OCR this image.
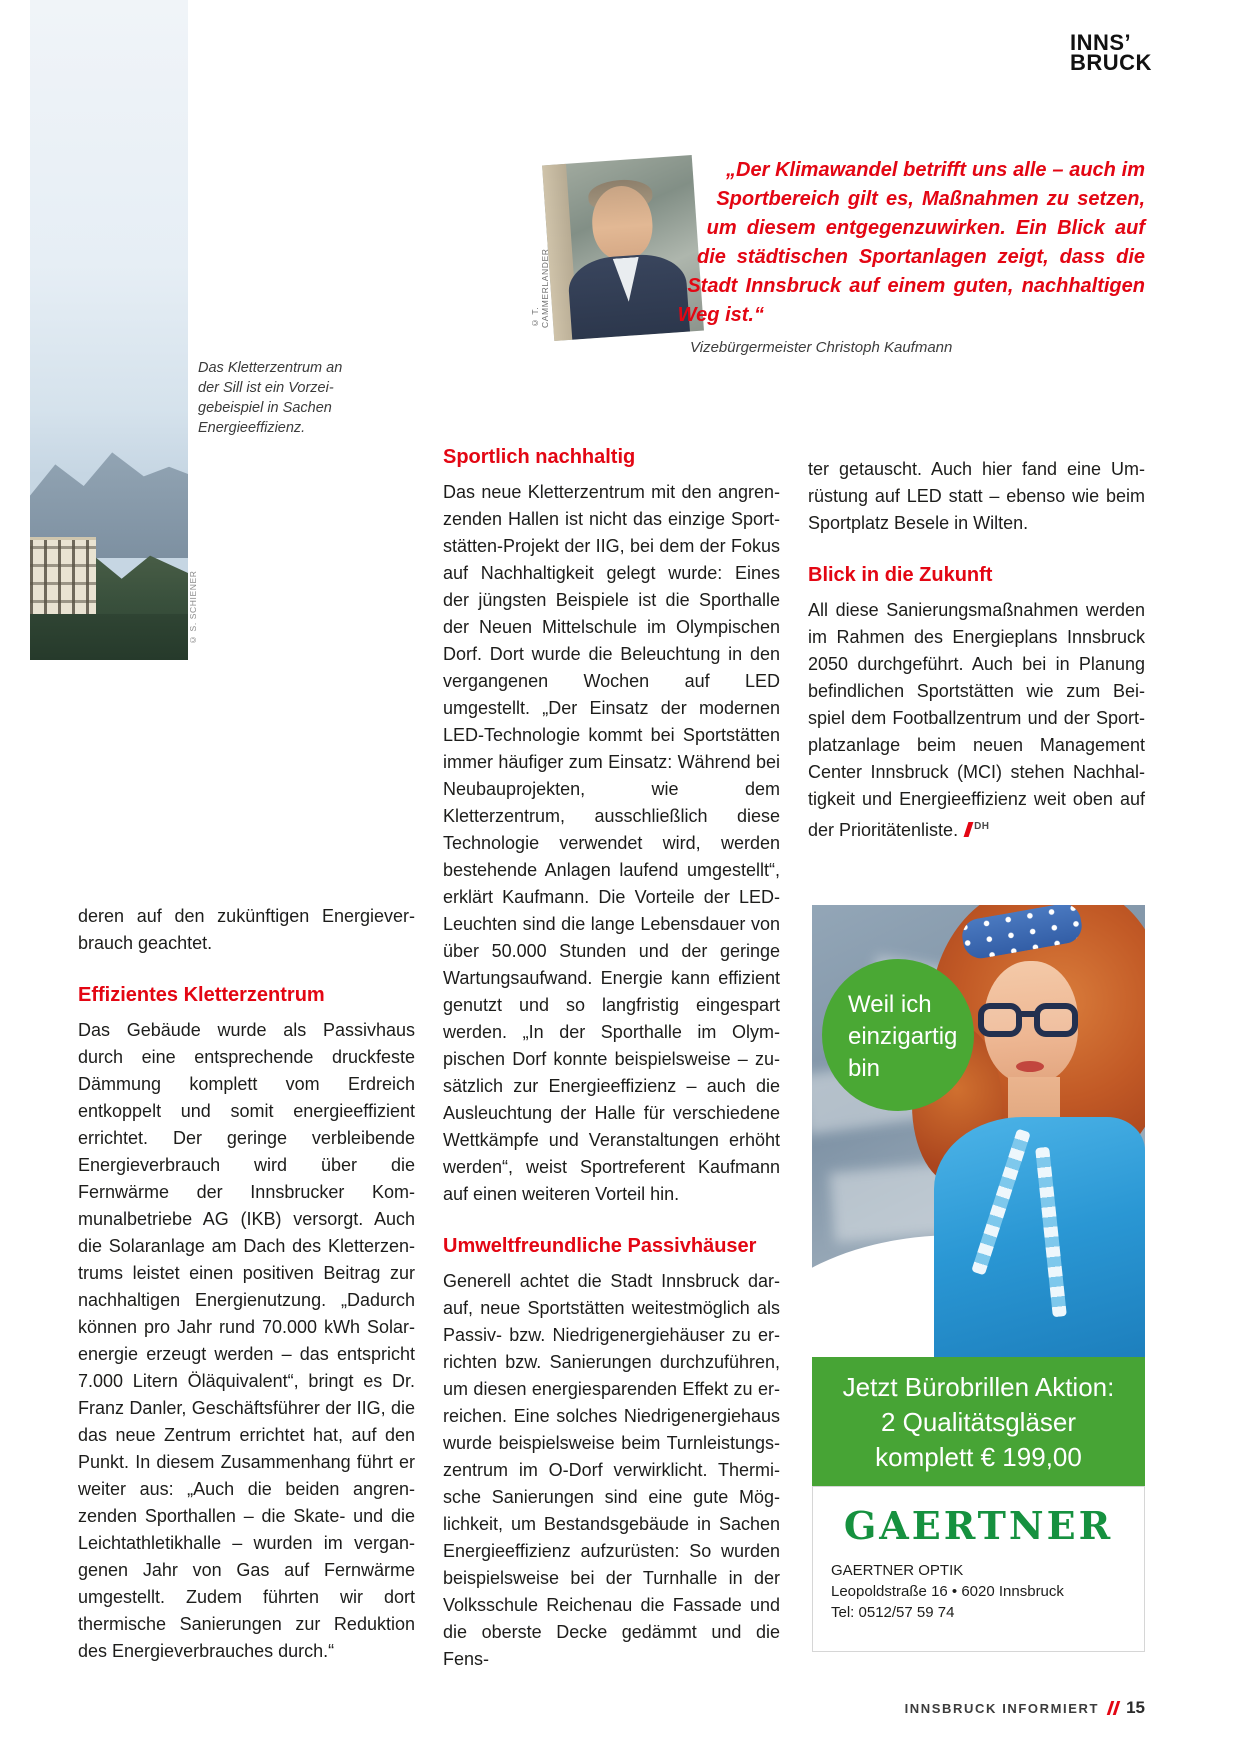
© S. SCHIENER
INNS’
BRUCK
© T. CAMMERLANDER
„Der Klimawandel betrifft uns alle – auch im Sportbereich gilt es, Maßnahmen zu setzen, um diesem entgegenzuwirken. Ein Blick auf die städtischen Sportanlagen zeigt, dass die Stadt Innsbruck auf einem guten, nachhaltigen Weg ist.“
Vizebürgermeister Christoph Kaufmann
Das Kletterzentrum an der Sill ist ein Vorzeigebeispiel in Sachen Energieeffizienz.

deren auf den zukünftigen Energieverbrauch geachtet.

Effizientes Kletterzentrum

Das Gebäude wurde als Passivhaus durch eine entsprechende druckfeste Dämmung komplett vom Erdreich entkoppelt und somit energieeffizient errichtet. Der geringe verbleibende Energieverbrauch wird über die Fernwärme der Innsbrucker Kommunalbetriebe AG (IKB) versorgt. Auch die Solaranlage am Dach des Kletterzentrums leistet einen positiven Beitrag zur nachhaltigen Energienutzung. „Dadurch können pro Jahr rund 70.000 kWh Solarenergie erzeugt werden – das entspricht 7.000 Litern Öläquivalent“, bringt es Dr. Franz Danler, Geschäftsführer der IIG, die das neue Zentrum errichtet hat, auf den Punkt. In diesem Zusammenhang führt er weiter aus: „Auch die beiden angrenzenden Sporthallen – die Skate- und die Leichtathletikhalle – wurden im vergangenen Jahr von Gas auf Fernwärme umgestellt. Zudem führten wir dort thermische Sanierungen zur Reduktion des Energieverbrauches durch.“

Sportlich nachhaltig

Das neue Kletterzentrum mit den angrenzenden Hallen ist nicht das einzige Sportstätten-Projekt der IIG, bei dem der Fokus auf Nachhaltigkeit gelegt wurde: Eines der jüngsten Beispiele ist die Sporthalle der Neuen Mittelschule im Olympischen Dorf. Dort wurde die Beleuchtung in den vergangenen Wochen auf LED umgestellt. „Der Einsatz der modernen LED-Technologie kommt bei Sportstätten immer häufiger zum Einsatz: Während bei Neubauprojekten, wie dem Kletterzentrum, ausschließlich diese Technologie verwendet wird, werden bestehende Anlagen laufend umgestellt“, erklärt Kaufmann. Die Vorteile der LED-Leuchten sind die lange Lebensdauer von über 50.000 Stunden und der geringe Wartungsaufwand. Energie kann effizient genutzt und so langfristig eingespart werden. „In der Sporthalle im Olympischen Dorf konnte beispielsweise – zusätzlich zur Energieeffizienz – auch die Ausleuchtung der Halle für verschiedene Wettkämpfe und Veranstaltungen erhöht werden“, weist Sportreferent Kaufmann auf einen weiteren Vorteil hin.

Umweltfreundliche Passivhäuser

Generell achtet die Stadt Innsbruck darauf, neue Sportstätten weitestmöglich als Passiv- bzw. Niedrigenergiehäuser zu errichten bzw. Sanierungen durchzuführen, um diesen energiesparenden Effekt zu erreichen. Eine solches Niedrigenergiehaus wurde beispielsweise beim Turnleistungszentrum im O-Dorf verwirklicht. Thermische Sanierungen sind eine gute Möglichkeit, um Bestandsgebäude in Sachen Energieeffizienz aufzurüsten: So wurden beispielsweise bei der Turnhalle in der Volksschule Reichenau die Fassade und die oberste Decke gedämmt und die Fens-

ter getauscht. Auch hier fand eine Umrüstung auf LED statt – ebenso wie beim Sportplatz Besele in Wilten.

Blick in die Zukunft

All diese Sanierungsmaßnahmen werden im Rahmen des Energieplans Innsbruck 2050 durchgeführt. Auch bei in Planung befindlichen Sportstätten wie zum Beispiel dem Footballzentrum und der Sportplatzanlage beim neuen Management Center Innsbruck (MCI) stehen Nachhaltigkeit und Energieeffizienz weit oben auf der Prioritätenliste. $^{DH}$

Weil ich
einzigartig
bin
Jetzt Bürobrillen Aktion:
2 Qualitätsgläser
komplett € 199,00
GAERTNER
GAERTNER OPTIK
Leopoldstraße 16 • 6020 Innsbruck
Tel: 0512/57 59 74
INNSBRUCK INFORMIERT 15
